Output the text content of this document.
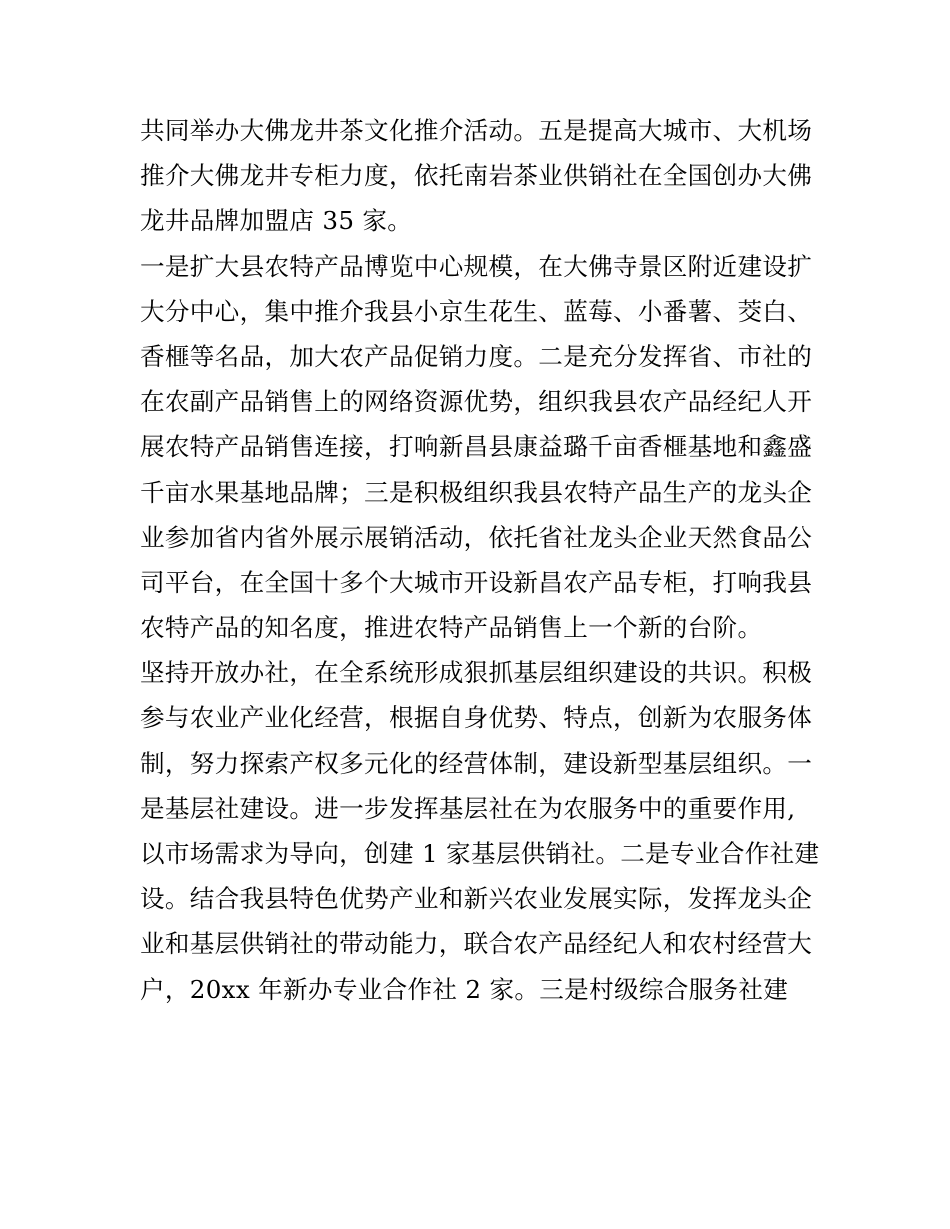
共同举办大佛龙井茶文化推介活动。五是提高大城市、大机场
推介大佛龙井专柜力度，依托南岩茶业供销社在全国创办大佛
龙井品牌加盟店 35 家。
一是扩大县农特产品博览中心规模，在大佛寺景区附近建设扩
大分中心，集中推介我县小京生花生、蓝莓、小番薯、茭白、
香榧等名品，加大农产品促销力度。二是充分发挥省、市社的
在农副产品销售上的网络资源优势，组织我县农产品经纪人开
展农特产品销售连接，打响新昌县康益璐千亩香榧基地和鑫盛
千亩水果基地品牌；三是积极组织我县农特产品生产的龙头企
业参加省内省外展示展销活动，依托省社龙头企业天然食品公
司平台，在全国十多个大城市开设新昌农产品专柜，打响我县
农特产品的知名度，推进农特产品销售上一个新的台阶。
坚持开放办社，在全系统形成狠抓基层组织建设的共识。积极
参与农业产业化经营，根据自身优势、特点，创新为农服务体
制，努力探索产权多元化的经营体制，建设新型基层组织。一
是基层社建设。进一步发挥基层社在为农服务中的重要作用,
以市场需求为导向，创建 1 家基层供销社。二是专业合作社建
设。结合我县特色优势产业和新兴农业发展实际，发挥龙头企
业和基层供销社的带动能力，联合农产品经纪人和农村经营大
户，20xx 年新办专业合作社 2 家。三是村级综合服务社建
